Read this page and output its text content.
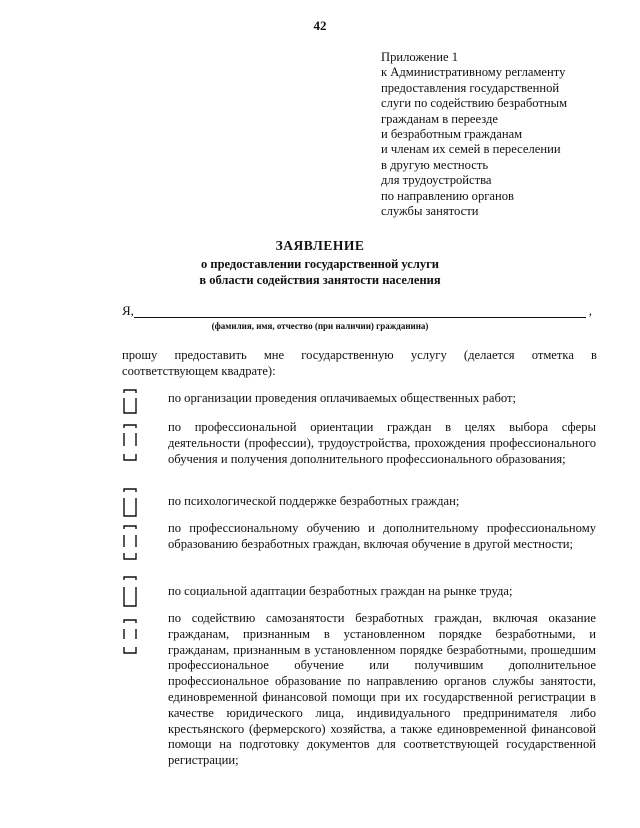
42
Приложение 1
к Административному регламенту
предоставления государственной
слуги по содействию безработным
гражданам в переезде
и безработным гражданам
и членам их семей в переселении
в другую местность
для трудоустройства
по направлению органов
службы занятости
ЗАЯВЛЕНИЕ
о предоставлении государственной услуги
в области содействия занятости населения
Я,	,
(фамилия, имя, отчество (при наличии) гражданина)
прошу предоставить мне государственную услугу (делается отметка в соответствующем квадрате):
по организации проведения оплачиваемых общественных работ;
по профессиональной ориентации граждан в целях выбора сферы деятельности (профессии), трудоустройства, прохождения профессионального обучения и получения дополнительного профессионального образования;
по психологической поддержке безработных граждан;
по профессиональному обучению и дополнительному профессиональному образованию безработных граждан, включая обучение в другой местности;
по социальной адаптации безработных граждан на рынке труда;
по содействию самозанятости безработных граждан, включая оказание гражданам, признанным в установленном порядке безработными, и гражданам, признанным в установленном порядке безработными, прошедшим профессиональное обучение или получившим дополнительное профессиональное образование по направлению органов службы занятости, единовременной финансовой помощи при их государственной регистрации в качестве юридического лица, индивидуального предпринимателя либо крестьянского (фермерского) хозяйства, а также единовременной финансовой помощи на подготовку документов для соответствующей государственной регистрации;
